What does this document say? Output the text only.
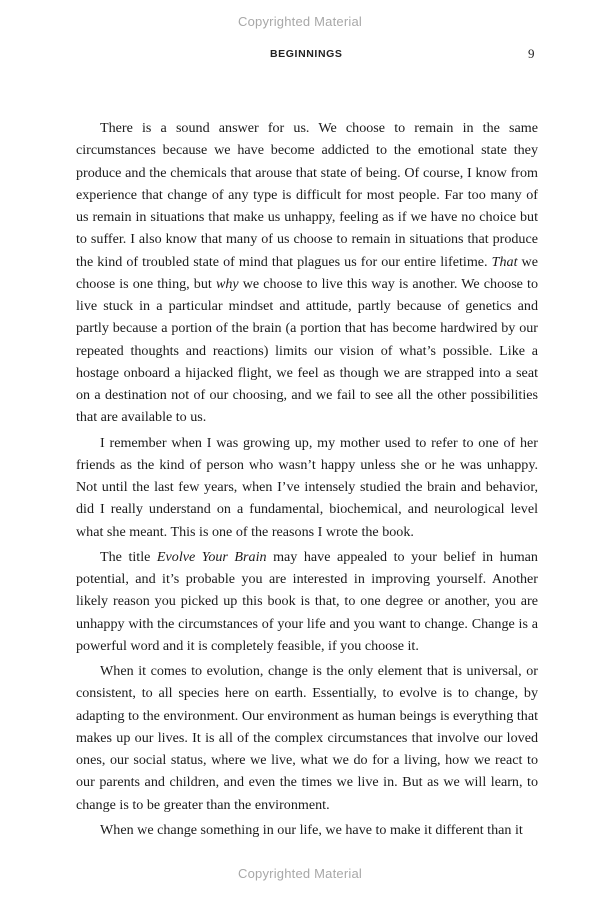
Copyrighted Material
BEGINNINGS	9

There is a sound answer for us. We choose to remain in the same circumstances because we have become addicted to the emotional state they produce and the chemicals that arouse that state of being. Of course, I know from experience that change of any type is difficult for most people. Far too many of us remain in situations that make us unhappy, feeling as if we have no choice but to suffer. I also know that many of us choose to remain in situations that produce the kind of troubled state of mind that plagues us for our entire lifetime. That we choose is one thing, but why we choose to live this way is another. We choose to live stuck in a particular mindset and attitude, partly because of genetics and partly because a portion of the brain (a portion that has become hardwired by our repeated thoughts and reactions) limits our vision of what’s possible. Like a hostage onboard a hijacked flight, we feel as though we are strapped into a seat on a destination not of our choosing, and we fail to see all the other possibilities that are available to us.

I remember when I was growing up, my mother used to refer to one of her friends as the kind of person who wasn’t happy unless she or he was unhappy. Not until the last few years, when I’ve intensely studied the brain and behavior, did I really understand on a fundamental, biochemical, and neurological level what she meant. This is one of the reasons I wrote the book.

The title Evolve Your Brain may have appealed to your belief in human potential, and it’s probable you are interested in improving yourself. Another likely reason you picked up this book is that, to one degree or another, you are unhappy with the circumstances of your life and you want to change. Change is a powerful word and it is completely feasible, if you choose it.

When it comes to evolution, change is the only element that is universal, or consistent, to all species here on earth. Essentially, to evolve is to change, by adapting to the environment. Our environment as human beings is everything that makes up our lives. It is all of the complex circumstances that involve our loved ones, our social status, where we live, what we do for a living, how we react to our parents and children, and even the times we live in. But as we will learn, to change is to be greater than the environment.

When we change something in our life, we have to make it different than it

Copyrighted Material
